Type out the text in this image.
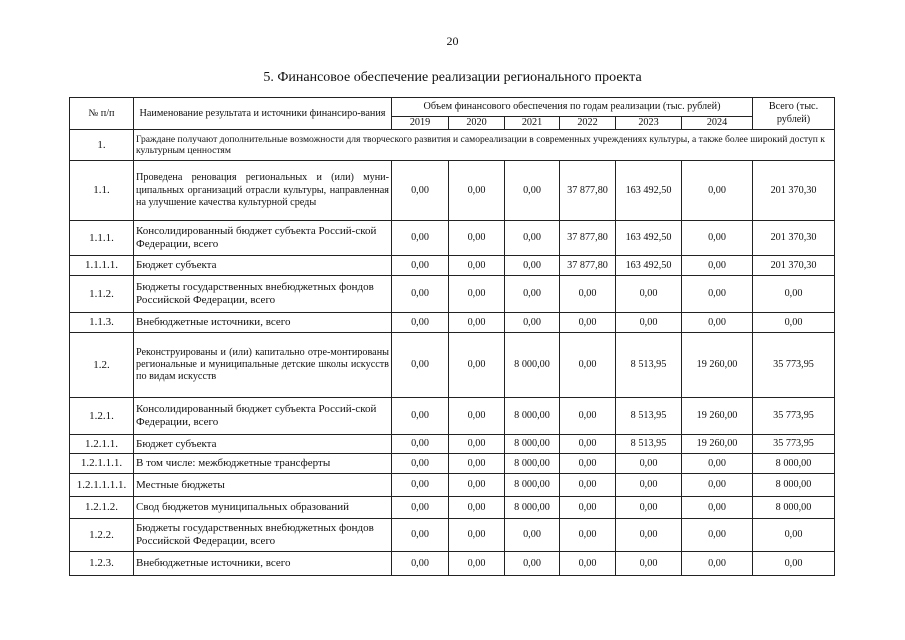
20
5. Финансовое обеспечение реализации регионального проекта
№ п/п	Наименование результата и источники финансиро-вания	Объем финансового обеспечения по годам реализации (тыс. рублей)						Всего (тыс. рублей)
		2019	2020	2021	2022	2023	2024	
1.	Граждане получают дополнительные возможности для творческого развития и самореализации в современных учреждениях культуры, а также более широкий доступ к культурным ценностям							
1.1.	Проведена реновация региональных и (или) муни-ципальных организаций отрасли культуры, направленная на улучшение качества культурной среды	0,00	0,00	0,00	37 877,80	163 492,50	0,00	201 370,30
1.1.1.	Консолидированный бюджет субъекта Россий-ской Федерации, всего	0,00	0,00	0,00	37 877,80	163 492,50	0,00	201 370,30
1.1.1.1.	Бюджет субъекта	0,00	0,00	0,00	37 877,80	163 492,50	0,00	201 370,30
1.1.2.	Бюджеты государственных внебюджетных фондов Российской Федерации, всего	0,00	0,00	0,00	0,00	0,00	0,00	0,00
1.1.3.	Внебюджетные источники, всего	0,00	0,00	0,00	0,00	0,00	0,00	0,00
1.2.	Реконструированы и (или) капитально отре-монтированы региональные и муниципальные детские школы искусств по видам искусств	0,00	0,00	8 000,00	0,00	8 513,95	19 260,00	35 773,95
1.2.1.	Консолидированный бюджет субъекта Россий-ской Федерации, всего	0,00	0,00	8 000,00	0,00	8 513,95	19 260,00	35 773,95
1.2.1.1.	Бюджет субъекта	0,00	0,00	8 000,00	0,00	8 513,95	19 260,00	35 773,95
1.2.1.1.1.	В том числе: межбюджетные трансферты	0,00	0,00	8 000,00	0,00	0,00	0,00	8 000,00
1.2.1.1.1.1.	Местные бюджеты	0,00	0,00	8 000,00	0,00	0,00	0,00	8 000,00
1.2.1.2.	Свод бюджетов муниципальных образований	0,00	0,00	8 000,00	0,00	0,00	0,00	8 000,00
1.2.2.	Бюджеты государственных внебюджетных фондов Российской Федерации, всего	0,00	0,00	0,00	0,00	0,00	0,00	0,00
1.2.3.	Внебюджетные источники, всего	0,00	0,00	0,00	0,00	0,00	0,00	0,00
